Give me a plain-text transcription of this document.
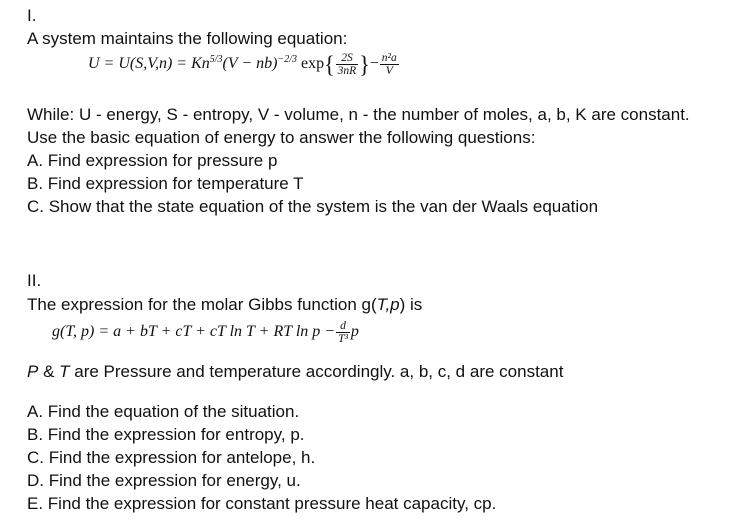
I.
A system maintains the following equation:
$U = U(S,V,n) = Kn^{5/3}(V - nb)^{-2/3}$ $\exp\{ \frac{2S}{3nR}$ }− $\frac{\text{n²a}}{V}$
While: U - energy, S - entropy, V - volume, n - the number of moles, a, b, K are constant.
Use the basic equation of energy to answer the following questions:
A. Find expression for pressure p
B. Find expression for temperature T
C. Show that the state equation of the system is the van der Waals equation
II.
The expression for the molar Gibbs function g(T,p) is
g(T, p) = a + bT + cT + cT ln T + RT $\ln p - \frac{d}{\text{T³}}$ p
P & T are Pressure and temperature accordingly. a, b, c, d are constant
A. Find the equation of the situation.
B. Find the expression for entropy, p.
C. Find the expression for antelope, h.
D. Find the expression for energy, u.
E. Find the expression for constant pressure heat capacity, cp.
